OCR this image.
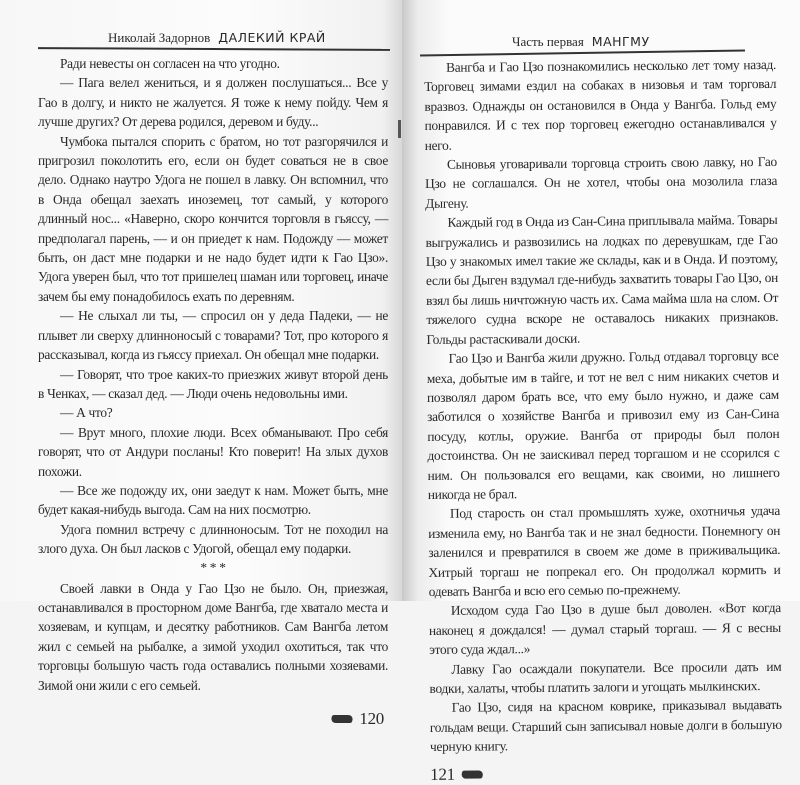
Николай Задорнов ДАЛЕКИЙ КРАЙ

Ради невесты он согласен на что угодно.

— Пага велел жениться, и я должен послушаться... Все у Гао в долгу, и никто не жалуется. Я тоже к нему пойду. Чем я лучше других? От дерева родился, деревом и буду...

Чумбока пытался спорить с братом, но тот разгорячился и пригрозил поколотить его, если он будет соваться не в свое дело. Однако наутро Удога не пошел в лавку. Он вспомнил, что в Онда обещал заехать иноземец, тот самый, у которого длинный нос... «Наверно, скоро кончится торговля в гьяссу, — предполагал парень, — и он приедет к нам. Подожду — может быть, он даст мне подарки и не надо будет идти к Гао Цзо». Удога уверен был, что тот пришелец шаман или торговец, иначе зачем бы ему понадобилось ехать по деревням.

— Не слыхал ли ты, — спросил он у деда Падеки, — не плывет ли сверху длинноносый с товарами? Тот, про которого я рассказывал, когда из гьяссу приехал. Он обещал мне подарки.

— Говорят, что трое каких-то приезжих живут второй день в Ченках, — сказал дед. — Люди очень недовольны ими.

— А что?

— Врут много, плохие люди. Всех обманывают. Про себя говорят, что от Андури посланы! Кто поверит! На злых духов похожи.

— Все же подожду их, они заедут к нам. Может быть, мне будет какая-нибудь выгода. Сам на них посмотрю.

Удога помнил встречу с длинноносым. Тот не походил на злого духа. Он был ласков с Удогой, обещал ему подарки.

* * *

Своей лавки в Онда у Гао Цзо не было. Он, приезжая, останавливался в просторном доме Вангба, где хватало места и хозяевам, и купцам, и десятку работников. Сам Вангба летом жил с семьей на рыбалке, а зимой уходил охотиться, так что торговцы большую часть года оставались полными хозяевами. Зимой они жили с его семьей.

120
Часть первая МАНГМУ

Вангба и Гао Цзо познакомились несколько лет тому назад. Торговец зимами ездил на собаках в низовья и там торговал вразвоз. Однажды он остановился в Онда у Вангба. Гольд ему понравился. И с тех пор торговец ежегодно останавливался у него.

Сыновья уговаривали торговца строить свою лавку, но Гао Цзо не соглашался. Он не хотел, чтобы она мозолила глаза Дыгену.

Каждый год в Онда из Сан-Сина приплывала майма. Товары выгружались и развозились на лодках по деревушкам, где Гао Цзо у знакомых имел такие же склады, как и в Онда. И поэтому, если бы Дыген вздумал где-нибудь захватить товары Гао Цзо, он взял бы лишь ничтожную часть их. Сама майма шла на слом. От тяжелого судна вскоре не оставалось никаких признаков. Гольды растаскивали доски.

Гао Цзо и Вангба жили дружно. Гольд отдавал торговцу все меха, добытые им в тайге, и тот не вел с ним никаких счетов и позволял даром брать все, что ему было нужно, и даже сам заботился о хозяйстве Вангба и привозил ему из Сан-Сина посуду, котлы, оружие. Вангба от природы был полон достоинства. Он не заискивал перед торгашом и не ссорился с ним. Он пользовался его вещами, как своими, но лишнего никогда не брал.

Под старость он стал промышлять хуже, охотничья удача изменила ему, но Вангба так и не знал бедности. Понемногу он заленился и превратился в своем же доме в приживальщика. Хитрый торгаш не попрекал его. Он продолжал кормить и одевать Вангба и всю его семью по-прежнему.

Исходом суда Гао Цзо в душе был доволен. «Вот когда наконец я дождался! — думал старый торгаш. — Я с весны этого суда ждал...»

Лавку Гао осаждали покупатели. Все просили дать им водки, халаты, чтобы платить залоги и угощать мылкинских.

Гао Цзо, сидя на красном коврике, приказывал выдавать гольдам вещи. Старший сын записывал новые долги в большую черную книгу.

121
